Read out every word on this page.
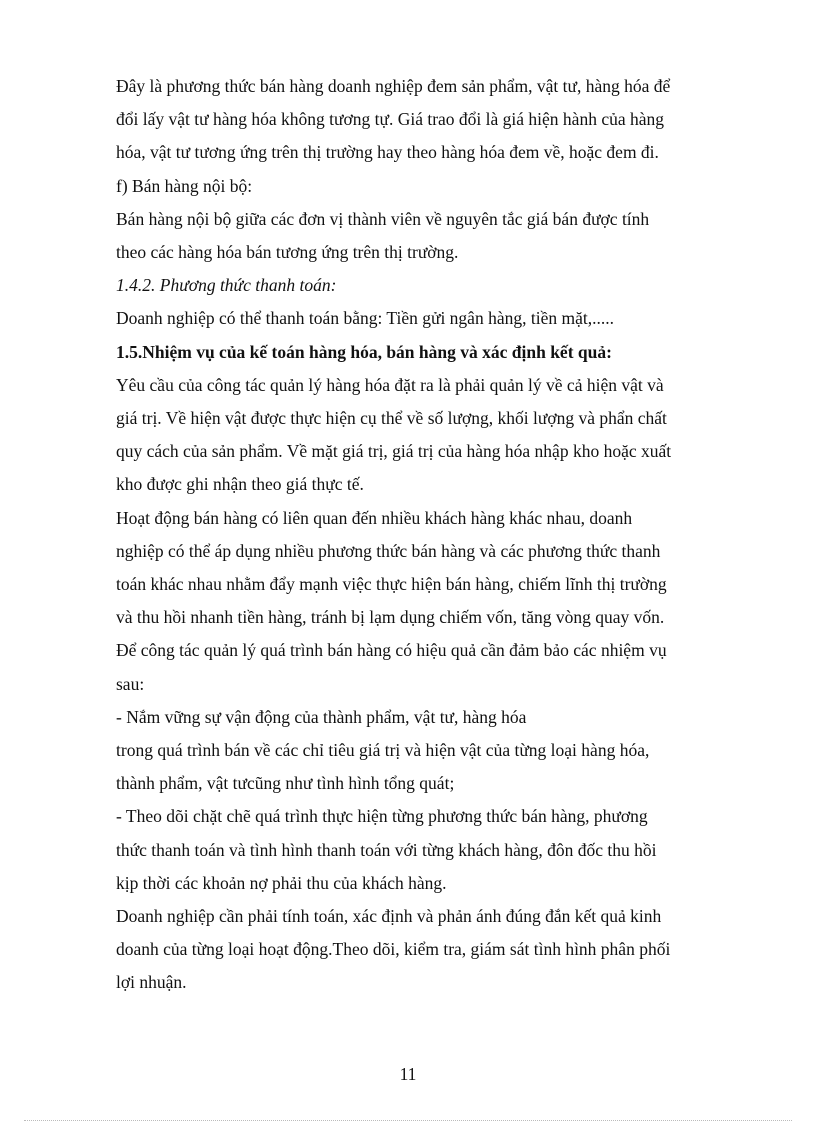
Đây là phương thức bán hàng doanh nghiệp đem sản phẩm, vật tư, hàng hóa để

đổi lấy vật tư hàng hóa không tương tự. Giá trao đổi là giá hiện hành của hàng

hóa, vật tư tương ứng trên thị trường hay theo hàng hóa đem về, hoặc đem đi.

f) Bán hàng nội bộ:

Bán hàng nội bộ giữa các đơn vị thành viên về nguyên tắc giá bán được tính

theo các hàng hóa bán tương ứng trên thị trường.

1.4.2. Phương thức thanh toán:

Doanh nghiệp có thể thanh toán bằng: Tiền gửi ngân hàng, tiền mặt,.....

1.5.Nhiệm vụ của kế toán hàng hóa, bán hàng và xác định kết quả:

Yêu cầu của công tác quản lý hàng hóa đặt ra là phải quản lý về cả hiện vật và

giá trị. Về hiện vật được thực hiện cụ thể về số lượng, khối lượng và phẩn chất

quy cách của sản phẩm. Về mặt giá trị, giá trị của hàng hóa nhập kho hoặc xuất

kho được ghi nhận theo giá thực tế.

Hoạt động bán hàng có liên quan đến nhiều khách hàng khác nhau, doanh

nghiệp có thể áp dụng nhiều phương thức bán hàng và các phương thức thanh

toán khác nhau nhằm đẩy mạnh việc thực hiện bán hàng, chiếm lĩnh thị trường

và thu hồi nhanh tiền hàng, tránh bị lạm dụng chiếm vốn, tăng vòng quay vốn.

Để công tác quản lý quá trình bán hàng có hiệu quả cần đảm bảo các nhiệm vụ

sau:

- Nắm vững sự vận động của thành phẩm, vật tư, hàng hóa

trong quá trình bán về các chỉ tiêu giá trị và hiện vật của từng loại hàng hóa,

thành phẩm, vật tưcũng như tình hình tổng quát;

- Theo dõi chặt chẽ quá trình thực hiện từng phương thức bán hàng, phương

thức thanh toán và tình hình thanh toán với từng khách hàng, đôn đốc thu hồi

kịp thời các khoản nợ phải thu của khách hàng.

Doanh nghiệp cần phải tính toán, xác định và phản ánh đúng đắn kết quả kinh

doanh của từng loại hoạt động.Theo dõi, kiểm tra, giám sát tình hình phân phối

lợi nhuận.

11
